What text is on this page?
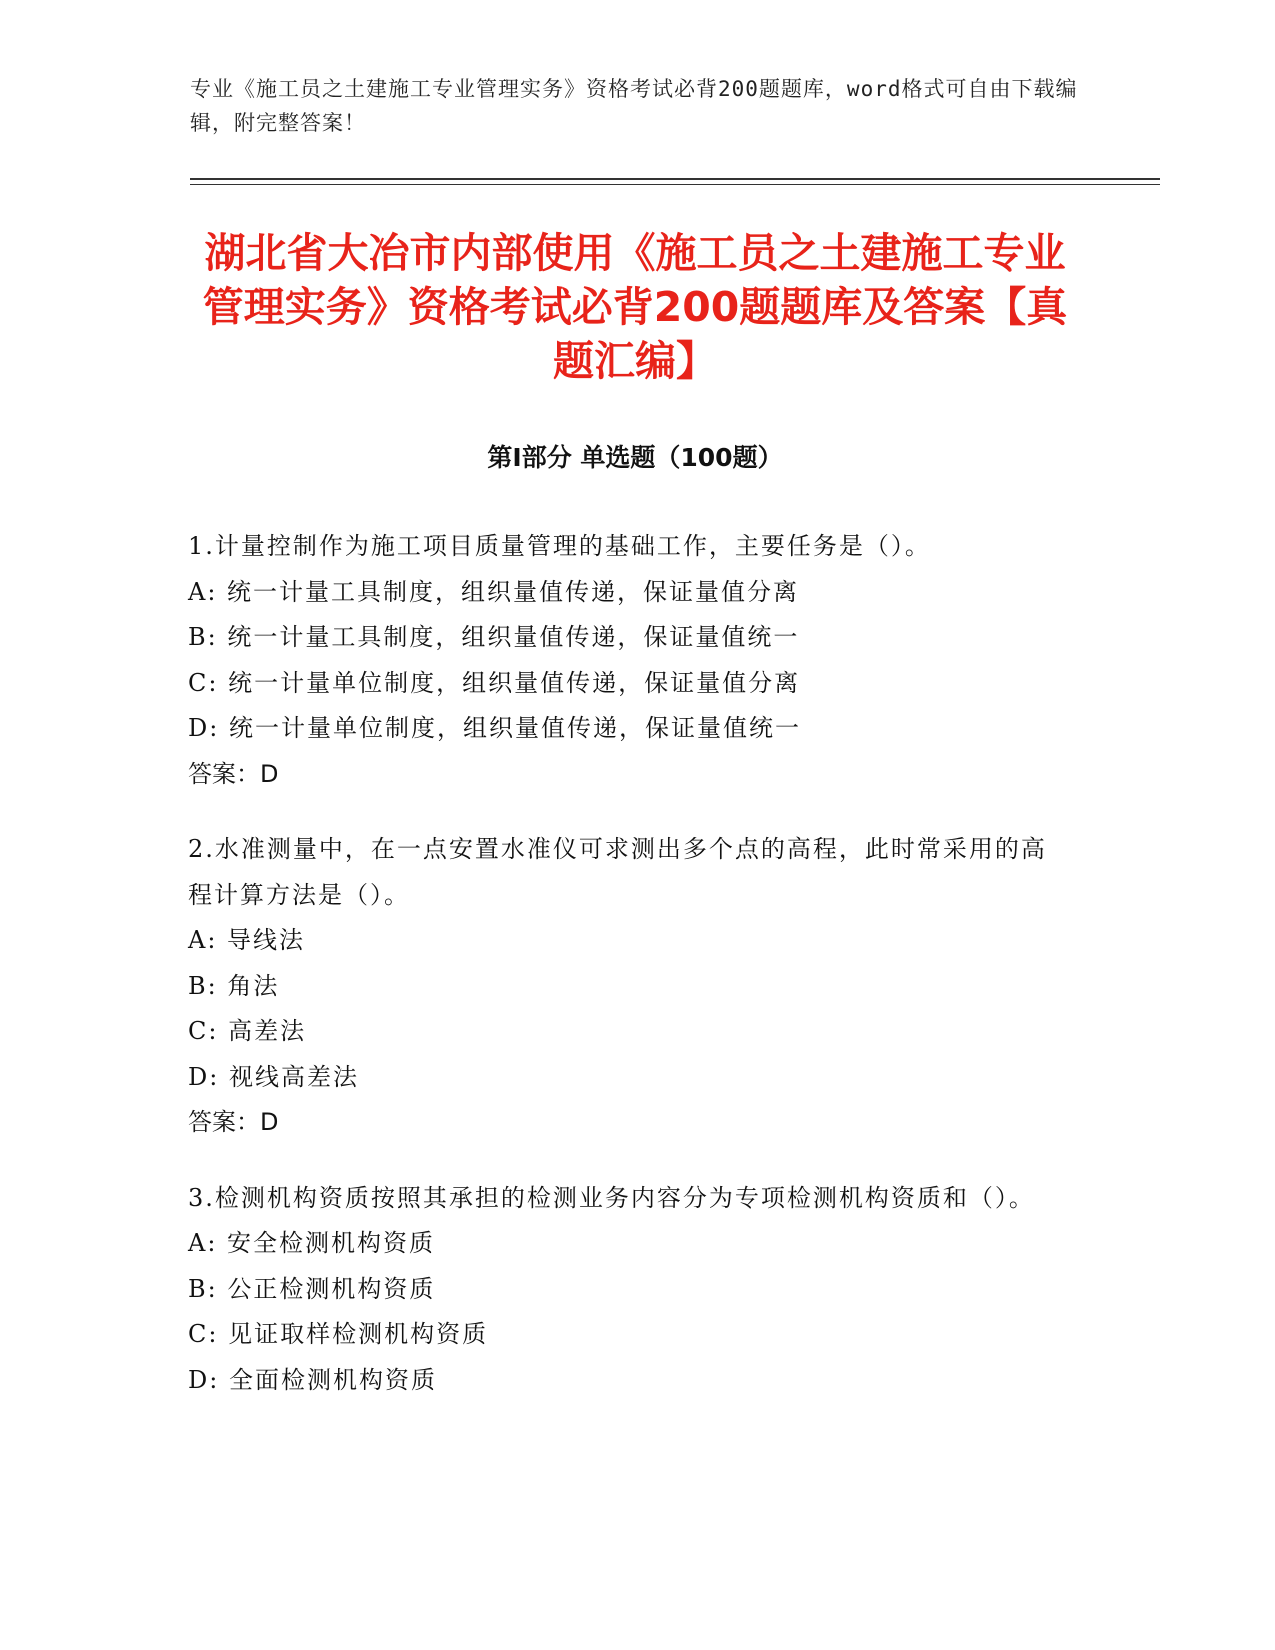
专业《施工员之土建施工专业管理实务》资格考试必背200题题库，word格式可自由下载编辑，附完整答案！
湖北省大冶市内部使用《施工员之土建施工专业管理实务》资格考试必背200题题库及答案【真题汇编】
第Ⅰ部分 单选题（100题）
1.计量控制作为施工项目质量管理的基础工作，主要任务是（）。
A: 统一计量工具制度，组织量值传递，保证量值分离
B: 统一计量工具制度，组织量值传递，保证量值统一
C: 统一计量单位制度，组织量值传递，保证量值分离
D: 统一计量单位制度，组织量值传递，保证量值统一
答案：D
2.水准测量中，在一点安置水准仪可求测出多个点的高程，此时常采用的高程计算方法是（）。
A: 导线法
B: 角法
C: 高差法
D: 视线高差法
答案：D
3.检测机构资质按照其承担的检测业务内容分为专项检测机构资质和（）。
A: 安全检测机构资质
B: 公正检测机构资质
C: 见证取样检测机构资质
D: 全面检测机构资质
